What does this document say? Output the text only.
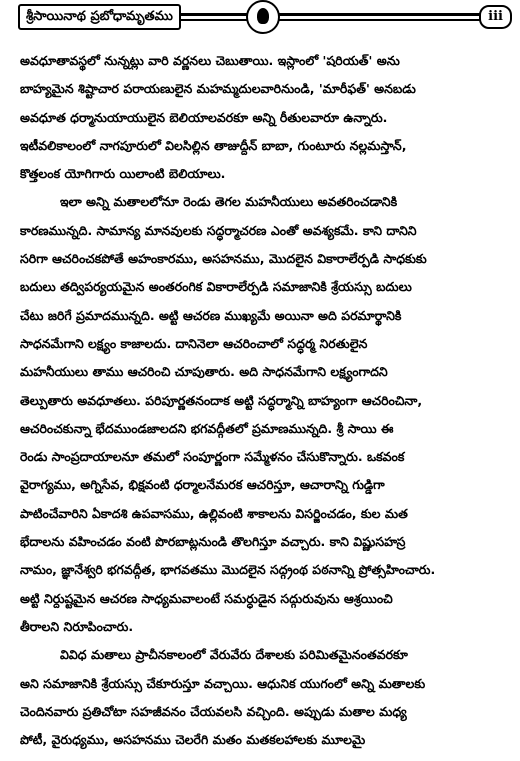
శ్రీసాయినాథ ప్రబోధామృతము	iii
అవధూతావస్థలో నున్నట్లు వారి వర్ణనలు చెబుతాయి. ఇస్లాంలో 'షరియత్' అను
బాహ్యమైన శిష్టాచార పరాయణులైన మహమ్మదులవారినుండి, 'మారీఫత్' అనబడు
అవధూత ధర్మానుయాయులైన బెలియాలవరకూ అన్ని రీతులవారూ ఉన్నారు.
ఇటీవలికాలంలో నాగపూరులో విలసిల్లిన తాజుద్దీన్ బాబా, గుంటూరు నల్లమస్తాన్,
కొత్తలంక యోగిగారు యిలాంటి బెలియాలు.
ఇలా అన్ని మతాలలోనూ రెండు తెగల మహనీయులు అవతరించడానికి
కారణమున్నది. సామాన్య మానవులకు సద్ధర్మాచరణ ఎంతో అవశ్యకమే. కాని దానిని
సరిగా ఆచరించకపోతే అహంకారము, అసహనము, మొదలైన వికారాలేర్పడి సాధకుకు
బదులు తద్విపర్యయమైన అంతరంగిక వికారాలేర్పడి సమాజానికి శ్రేయస్సు బదులు
చేటు జరిగే ప్రమాదమున్నది. అట్టి ఆచరణ ముఖ్యమే అయినా అది పరమార్థానికి
సాధనమేగాని లక్ష్యం కాజాలదు. దానినెలా ఆచరించాలో సద్ధర్మ నిరతులైన
మహనీయులు తాము ఆచరించి చూపుతారు. అది సాధనమేగాని లక్ష్యంగాదని
తెల్పుతారు అవధూతలు. పరిపూర్ణతనందాక అట్టి సద్ధర్మాన్ని బాహ్యంగా ఆచరించినా,
ఆచరించకున్నా భేదముండజాలదని భగవద్గీతలో ప్రమాణమున్నది. శ్రీ సాయి ఈ
రెండు సాంప్రదాయాలనూ తమలో సంపూర్ణంగా సమ్మేళనం చేసుకొన్నారు. ఒకవంక
వైరాగ్యము, అగ్నిసేవ, భిక్షవంటి ధర్మాలనేమరక ఆచరిస్తూ, ఆచారాన్ని గుడ్డిగా
పాటించేవారిని ఏకాదశి ఉపవాసము, ఉల్లివంటి శాకాలను విసర్జించడం, కుల మత
భేదాలను వహించడం వంటి పొరబాట్లనుండి తొలగిస్తూ వచ్చారు. కాని విష్ణుసహస్ర
నామం, జ్ఞానేశ్వరి భగవద్గీత, భాగవతము మొదలైన సద్గ్రంథ పఠనాన్ని ప్రోత్సహించారు.
అట్టి నిర్దుష్టమైన ఆచరణ సాధ్యమవాలంటే సమర్ధుడైన సద్గురువును ఆశ్రయించి
తీరాలని నిరూపించారు.
వివిధ మతాలు ప్రాచీనకాలంలో వేరువేరు దేశాలకు పరిమితమైనంతవరకూ
అని సమాజానికి శ్రేయస్సు చేకూరుస్తూ వచ్చాయి. ఆధునిక యుగంలో అన్ని మతాలకు
చెందినవారు ప్రతిచోటా సహజీవనం చేయవలసి వచ్చింది. అప్పుడు మతాల మధ్య
పోటీ, వైరుధ్యము, అసహనము చెలరేగి మతం మతకలహాలకు మూలమై
